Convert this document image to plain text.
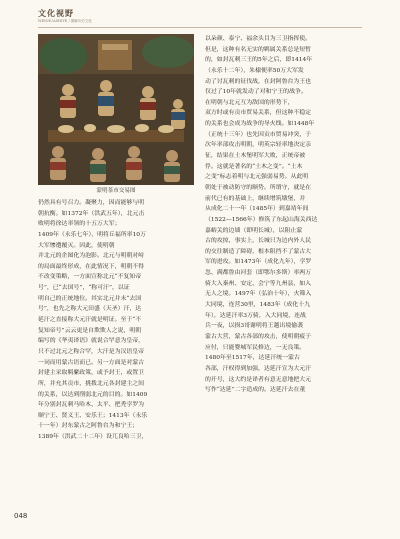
文化视野
WENHUASHIYE / 图解历史文化
蒙明茶市交易图

仍然具有号召力。凝聚力，因而能够与明

朝抗衡。如1372年（洪武五年），北元击

败明将徐达率领的十五万大军；

1409年（永乐七年），明将丘福所率10万

大军惨遭覆灭。因此，使明朝

并北元的企图化为泡影。北元与明朝对峙

的局面最终形成，在此情况下，明朝不得

不改变策略，一方面宣称北元“不复知帝

号”，已“去国号”，“称可汗”，以证

明自己的正统地位。其实北元并未“去国

号”，也先之称大元田盛（天圣）汗，达

延汗之直接称大元汗就是明证。至于“不

复知帝号”云云更是自欺欺人之说，明朝

编写的《华夷译语》就说合罕意为皇帝，

只不过北元之称合罕，大汗是为汉语皇帝

一词而用蒙古语而已。另一方面是对蒙古

封建主采取羁縻政策，或予封王，或置卫

所，并允其贡市，挑拨北元各封建主之间

的关系，以达到削弱北元的目的。如1409

年分别封瓦剌马哈木、太平、把秃孛罗为

顺宁王、贤义王、安乐王；1413年（永乐

十一年）封东蒙古之阿鲁台为和宁王；

1389年（洪武二十二年）设兀良哈三卫，

以朵颜、泰宁、福余头目为三卫指挥使。

但是，这种有名无实的羁属关系总是短暂

的，如封瓦剌三王的5年之后，即1414年

（永乐十二年），朱棣便率50万大军发

动了讨瓦剌的征伐战，在封阿鲁台为王也

仅过了10年就发动了对和宁王的战争。

在明朝与北元互为敌国的形势下，

双方时或有贡市贸易关系，但这种不稳定

的关系也会成为战争的导火线。如1448年

（正统十三年）也先因贡市贸易冲突，于

次年率部攻击明朝，明英宗轻率地决定亲

征，结果在土木堡明军大败，正统帝被

俘。这就是著名的“土木之变”。“土木

之变”标志着明与北元强弱易势。从此明

朝处于被动防守的顺势。所谓守，就是在

前代已有的基础上，继续增筑墩堡，并

从成化二十一年（1485年）到嘉靖年间

（1522—1566年）修筑了东起山海关西达

嘉峪关的边墙（即明长城），以阻止蒙

古的攻掠，事实上，长城只为边内外人民

的交往制造了障碍，根本阻挡不了蒙古大

军的进攻。如1473年（成化九年），孛罗

忽、满都鲁由河套（即鄂尔多斯）率两万

骑大入秦州、安定、会宁等九州县，如入

无人之境。1497年（弘治十年），火筛入

大同境，连营30里，1483年（成化十九

年），达延汗率3万骑，入大同境，连战

兵一夜，以损3哥谢明将王越出境偷袭

蒙古大营，蒙古各部的攻击，使明朝疲于

应付，只能婴城军民修边，一无良策。

1480年至1517年，达延汗统一蒙古

各部，汗权得到加强，达延汗宣为大元汗

的开号，这大约是译者有意无意地把大元

写作“达延”二字造成的。达延汗去在董

048
